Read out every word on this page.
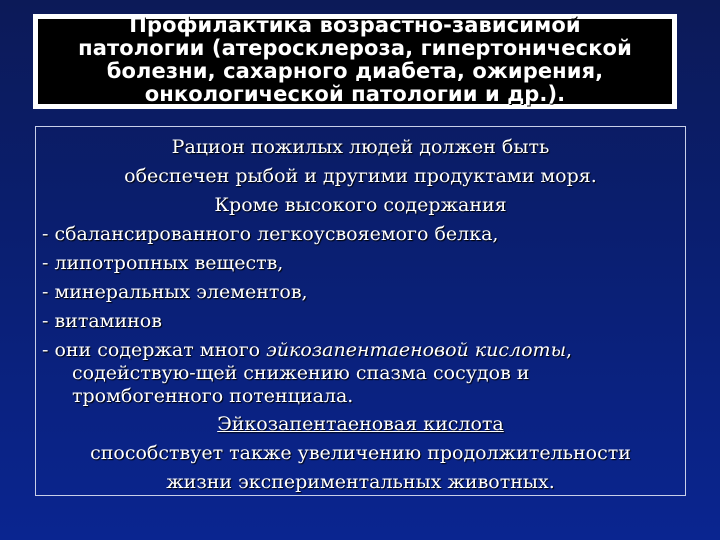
Профилактика возрастно-зависимой
патологии (атеросклероза, гипертонической
болезни, сахарного диабета, ожирения,
онкологической патологии и др.).
Рацион пожилых людей должен быть
обеспечен рыбой и другими продуктами моря.
Кроме высокого содержания
- сбалансированного легкоусвояемого белка,
- липотропных веществ,
- минеральных элементов,
- витаминов
- они содержат много эйкозапентаеновой кислоты,
содействую-щей снижению спазма сосудов и
тромбогенного потенциала.
Эйкозапентаеновая кислота
способствует также увеличению продолжительности
жизни экспериментальных животных.
